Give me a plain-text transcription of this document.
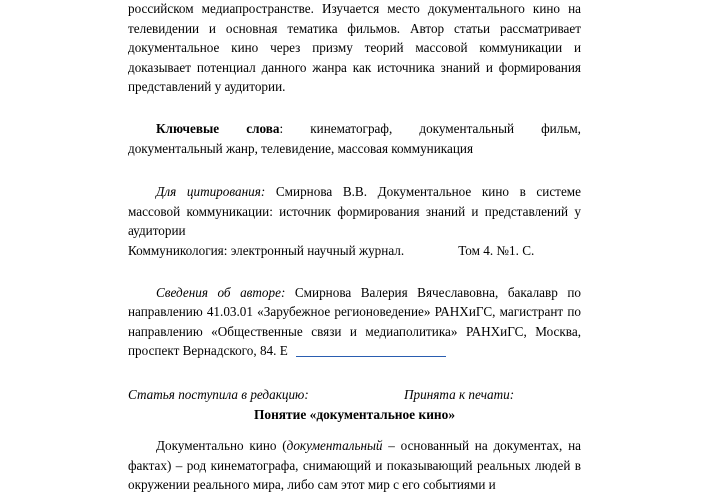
российском медиапространстве. Изучается место документального кино на телевидении и основная тематика фильмов. Автор статьи рассматривает документальное кино через призму теорий массовой коммуникации и доказывает потенциал данного жанра как источника знаний и формирования представлений у аудитории.

Ключевые слова: кинематограф, документальный фильм, документальный жанр, телевидение, массовая коммуникация

Для цитирования: Смирнова В.В. Документальное кино в системе массовой коммуникации: источник формирования знаний и представлений у аудитории

Коммуникология: электронный научный журнал.	Том 4. №1. С.

Сведения об авторе: Смирнова Валерия Вячеславовна, бакалавр по направлению 41.03.01 «Зарубежное регионоведение» РАНХиГС, магистрант по направлению «Общественные связи и медиаполитика» РАНХиГС, Москва, проспект Вернадского, 84. Е

Статья поступила в редакцию:	Принята к печати:

Понятие «документальное кино»

Документально кино (документальный – основанный на документах, на фактах) – род кинематографа, снимающий и показывающий реальных людей в окружении реального мира, либо сам этот мир с его событиями и
